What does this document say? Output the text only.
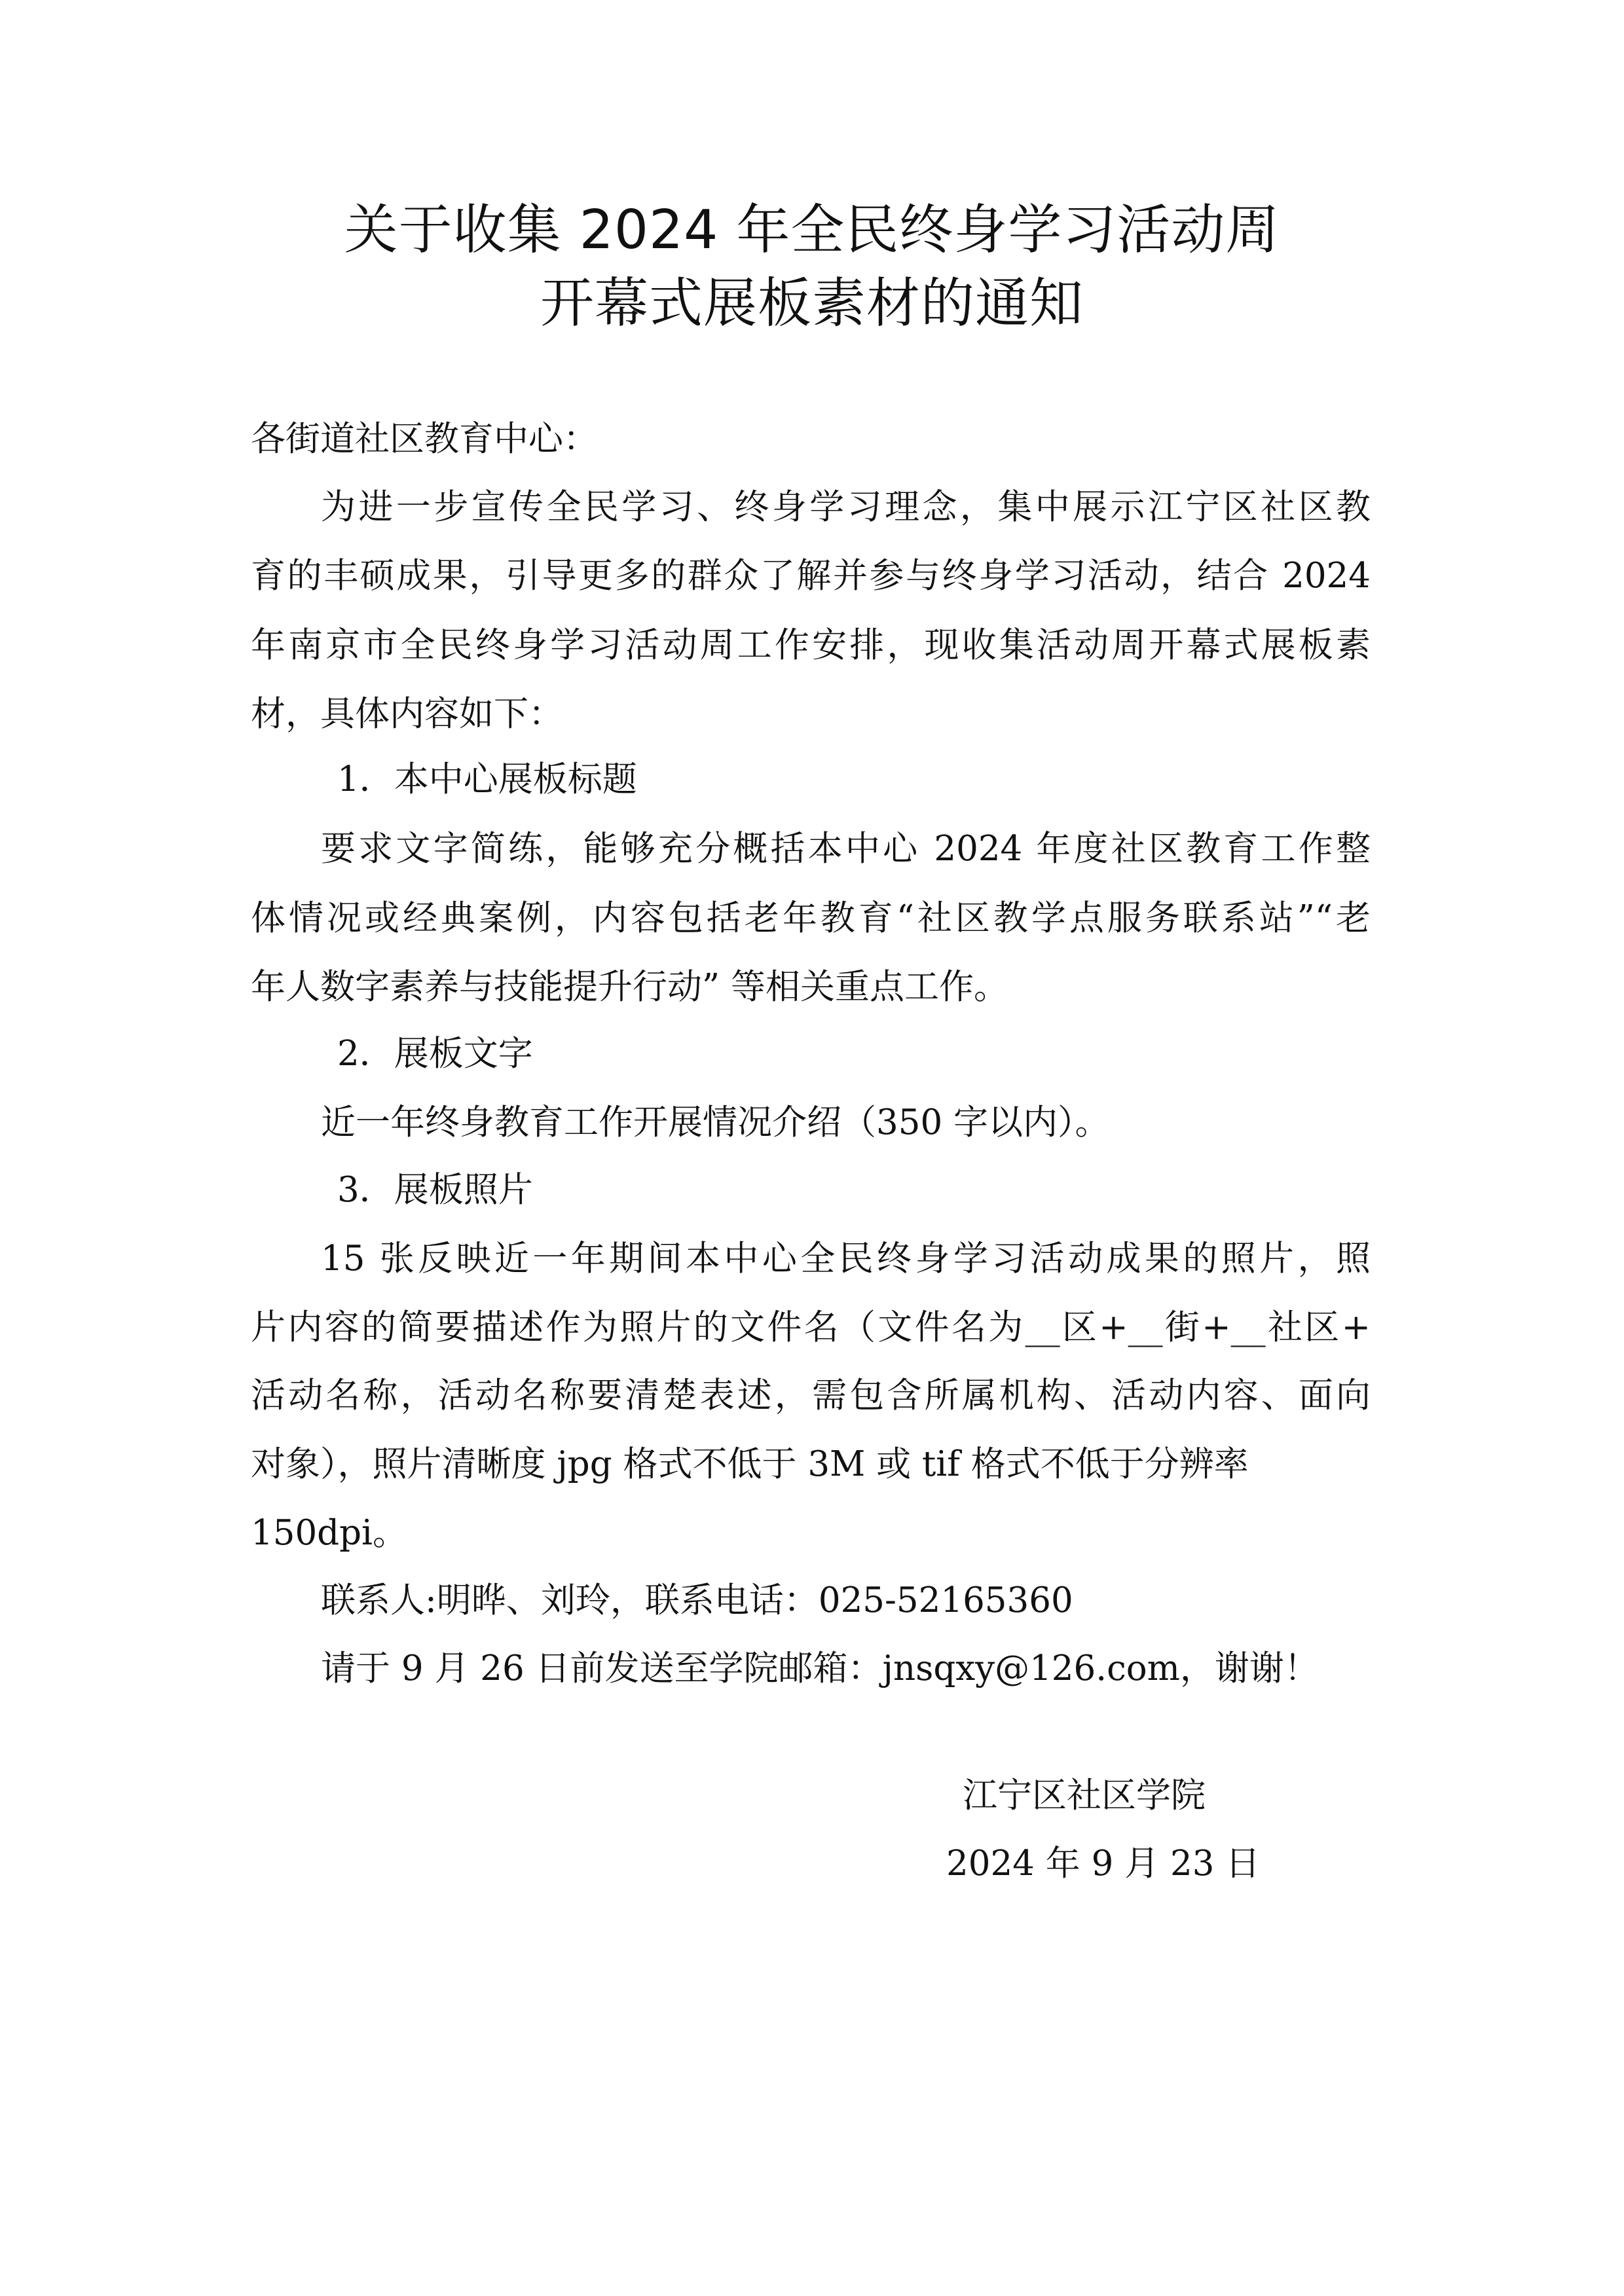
关于收集 2024 年全民终身学习活动周
开幕式展板素材的通知
各街道社区教育中心：
为进一步宣传全民学习、终身学习理念，集中展示江宁区社区教
育的丰硕成果，引导更多的群众了解并参与终身学习活动，结合 2024
年南京市全民终身学习活动周工作安排，现收集活动周开幕式展板素
材，具体内容如下：
1．本中心展板标题
要求文字简练，能够充分概括本中心 2024 年度社区教育工作整
体情况或经典案例，内容包括老年教育“社区教学点服务联系站”“老
年人数字素养与技能提升行动” 等相关重点工作。
2．展板文字
近一年终身教育工作开展情况介绍（350 字以内）。
3．展板照片
15 张反映近一年期间本中心全民终身学习活动成果的照片，照
片内容的简要描述作为照片的文件名（文件名为__区+__街+__社区+
活动名称，活动名称要清楚表述，需包含所属机构、活动内容、面向
对象），照片清晰度 jpg 格式不低于 3M 或 tif 格式不低于分辨率
150dpi。
联系人:明晔、刘玲，联系电话：025-52165360
请于 9 月 26 日前发送至学院邮箱：jnsqxy@126.com，谢谢！
江宁区社区学院
2024 年 9 月 23 日
